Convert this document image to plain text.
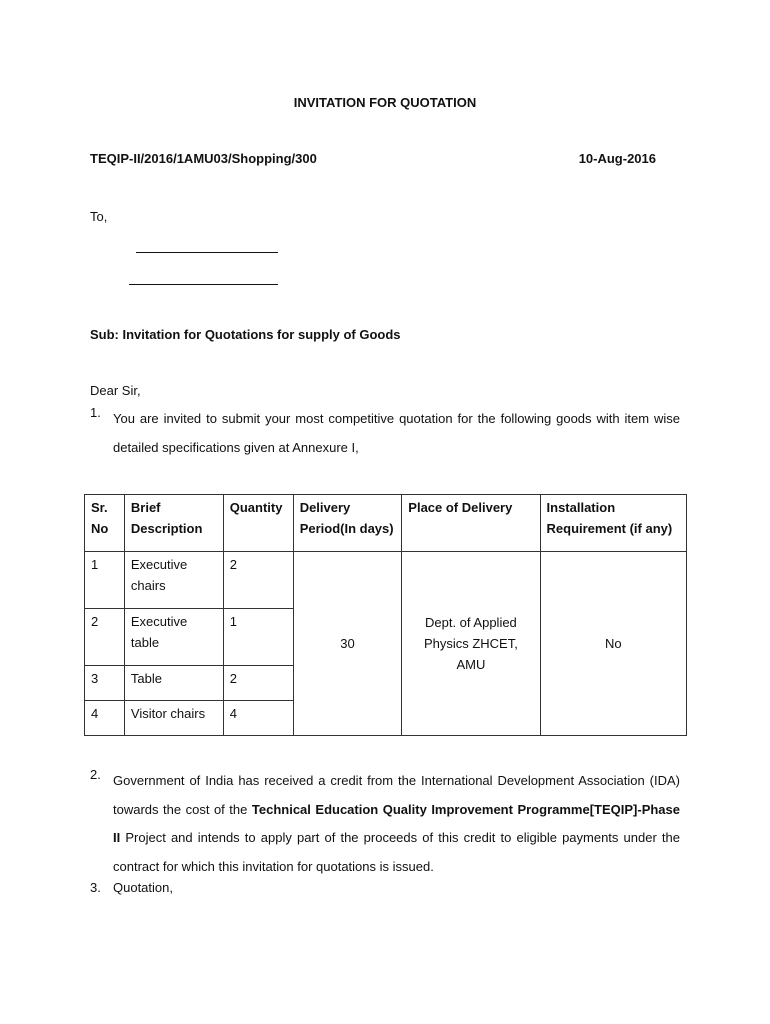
INVITATION FOR QUOTATION
TEQIP-II/2016/1AMU03/Shopping/300	10-Aug-2016
To,
Sub: Invitation for Quotations for supply of Goods
Dear Sir,
1. You are invited to submit your most competitive quotation for the following goods with item wise detailed specifications given at Annexure I,
Sr. No	Brief Description	Quantity	Delivery Period(In days)	Place of Delivery	Installation Requirement (if any)
1	Executive chairs	2	30	Dept. of Applied Physics ZHCET, AMU	No
2	Executive table	1			
3	Table	2			
4	Visitor chairs	4			
2. Government of India has received a credit from the International Development Association (IDA) towards the cost of the Technical Education Quality Improvement Programme[TEQIP]-Phase II Project and intends to apply part of the proceeds of this credit to eligible payments under the contract for which this invitation for quotations is issued.
3. Quotation,
